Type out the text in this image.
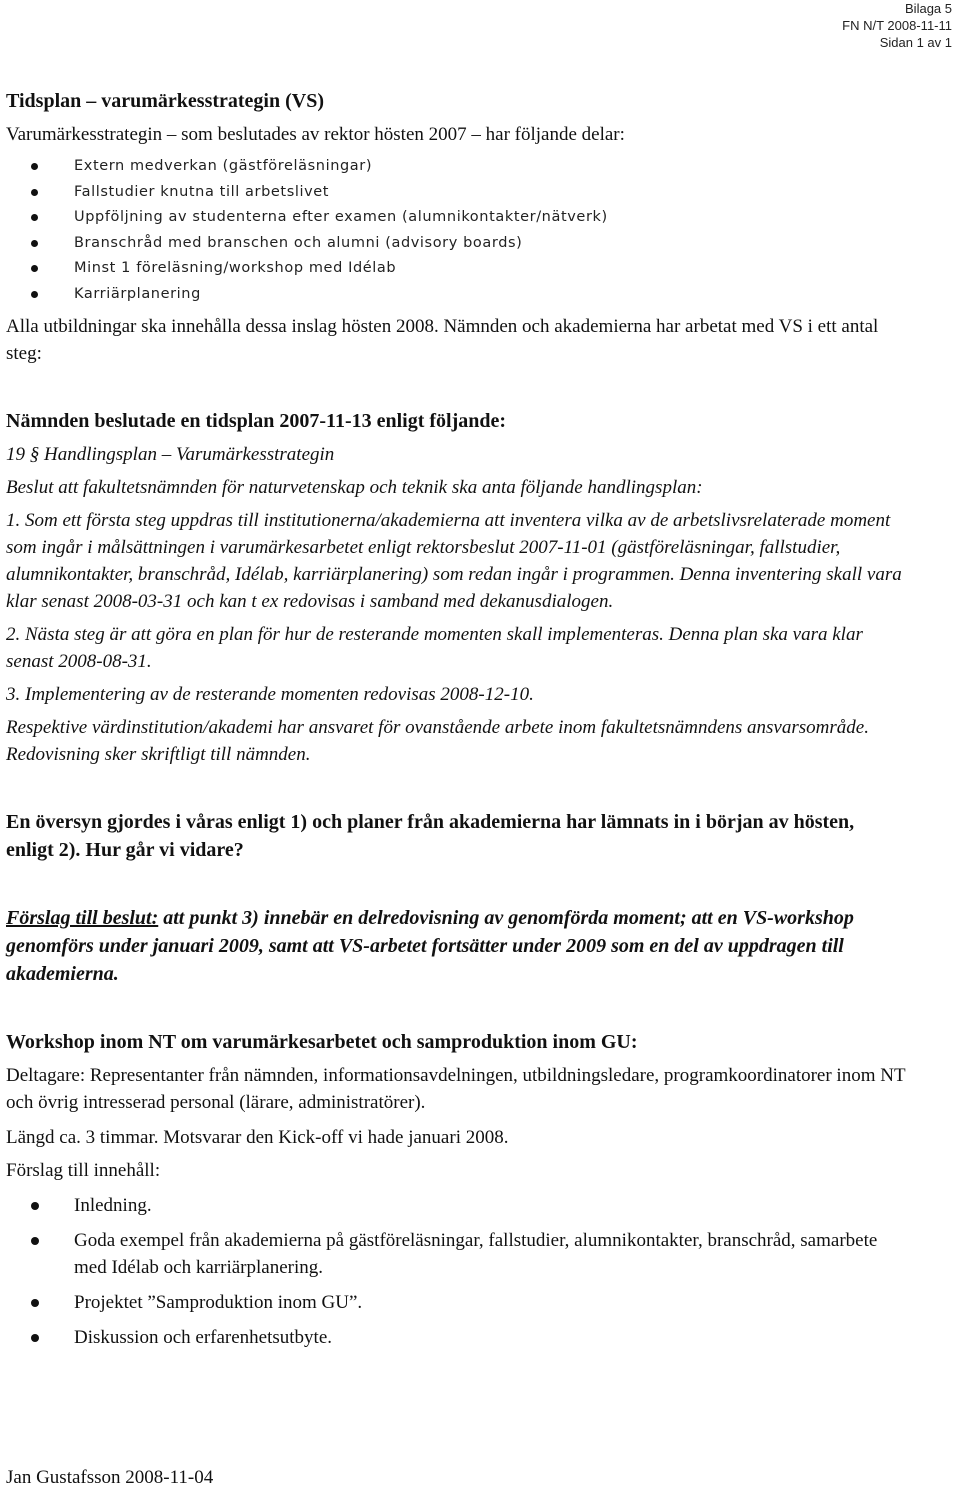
Bilaga 5
FN N/T 2008-11-11
Sidan 1 av 1
Tidsplan – varumärkesstrategin (VS)

Varumärkesstrategin – som beslutades av rektor hösten 2007 – har följande delar:

Extern medverkan (gästföreläsningar)
Fallstudier knutna till arbetslivet
Uppföljning av studenterna efter examen (alumnikontakter/nätverk)
Branschråd med branschen och alumni (advisory boards)
Minst 1 föreläsning/workshop med Idélab
Karriärplanering

Alla utbildningar ska innehålla dessa inslag hösten 2008. Nämnden och akademierna har arbetat med VS i ett antal steg:

Nämnden beslutade en tidsplan 2007-11-13 enligt följande:

19 § Handlingsplan – Varumärkesstrategin

Beslut att fakultetsnämnden för naturvetenskap och teknik ska anta följande handlingsplan:

1. Som ett första steg uppdras till institutionerna/akademierna att inventera vilka av de arbetslivsrelaterade moment som ingår i målsättningen i varumärkesarbetet enligt rektorsbeslut 2007-11-01 (gästföreläsningar, fallstudier, alumnikontakter, branschråd, Idélab, karriärplanering) som redan ingår i programmen. Denna inventering skall vara klar senast 2008-03-31 och kan t ex redovisas i samband med dekanusdialogen.

2. Nästa steg är att göra en plan för hur de resterande momenten skall implementeras. Denna plan ska vara klar senast 2008-08-31.

3. Implementering av de resterande momenten redovisas 2008-12-10.

Respektive värdinstitution/akademi har ansvaret för ovanstående arbete inom fakultetsnämndens ansvarsområde. Redovisning sker skriftligt till nämnden.

En översyn gjordes i våras enligt 1) och planer från akademierna har lämnats in i början av hösten, enligt 2). Hur går vi vidare?

Förslag till beslut: att punkt 3) innebär en delredovisning av genomförda moment; att en VS-workshop genomförs under januari 2009, samt att VS-arbetet fortsätter under 2009 som en del av uppdragen till akademierna.

Workshop inom NT om varumärkesarbetet och samproduktion inom GU:

Deltagare: Representanter från nämnden, informationsavdelningen, utbildningsledare, programkoordinatorer inom NT och övrig intresserad personal (lärare, administratörer).

Längd ca. 3 timmar. Motsvarar den Kick-off vi hade januari 2008.

Förslag till innehåll:

Inledning.
Goda exempel från akademierna på gästföreläsningar, fallstudier, alumnikontakter, branschråd, samarbete med Idélab och karriärplanering.
Projektet ”Samproduktion inom GU”.
Diskussion och erfarenhetsutbyte.
Jan Gustafsson 2008-11-04
